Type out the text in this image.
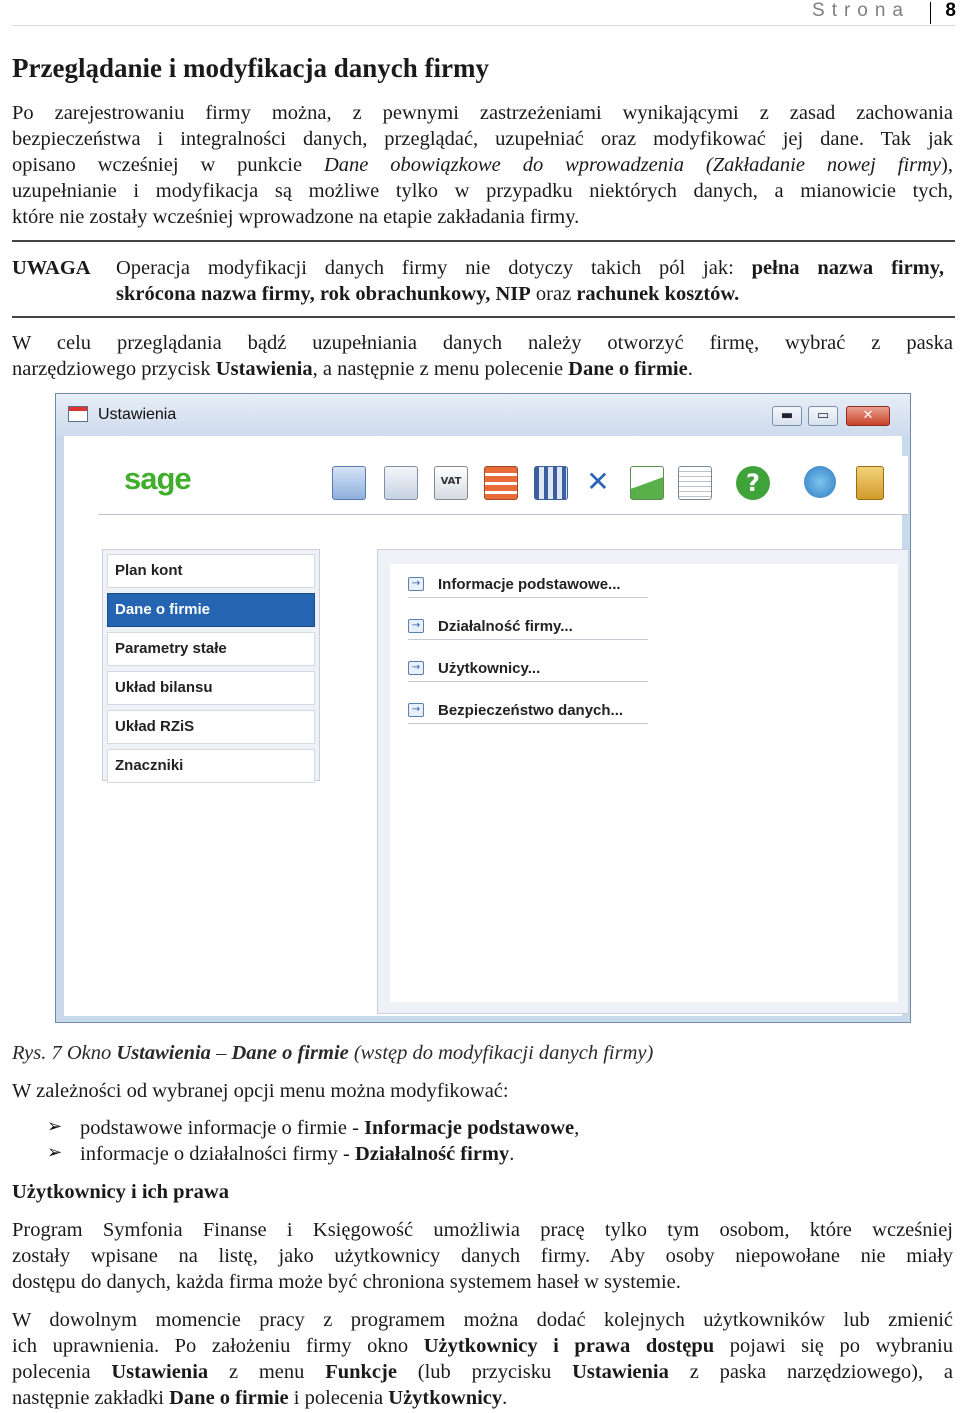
Strona 8
Przeglądanie i modyfikacja danych firmy
Po zarejestrowaniu firmy można, z pewnymi zastrzeżeniami wynikającymi z zasad zachowania
bezpieczeństwa i integralności danych, przeglądać, uzupełniać oraz modyfikować jej dane. Tak jak
opisano wcześniej w punkcie Dane obowiązkowe do wprowadzenia (Zakładanie nowej firmy),
uzupełnianie i modyfikacja są możliwe tylko w przypadku niektórych danych, a mianowicie tych,
które nie zostały wcześniej wprowadzone na etapie zakładania firmy.
UWAGA Operacja modyfikacji danych firmy nie dotyczy takich pól jak: pełna nazwa firmy,
skrócona nazwa firmy, rok obrachunkowy, NIP oraz rachunek kosztów.
W celu przeglądania bądź uzupełniania danych należy otworzyć firmę, wybrać z paska
narzędziowego przycisk Ustawienia, a następnie z menu polecenie Dane o firmie.
Ustawienia	▬	▭	✕
sage	VAT	✕	?
Plan kont
Dane o firmie
Parametry stałe
Układ bilansu
Układ RZiS
Znaczniki
→ Informacje podstawowe...
→ Działalność firmy...
→ Użytkownicy...
→ Bezpieczeństwo danych...
Rys. 7 Okno Ustawienia – Dane o firmie (wstęp do modyfikacji danych firmy)
W zależności od wybranej opcji menu można modyfikować:
➢ podstawowe informacje o firmie - Informacje podstawowe,
➢ informacje o działalności firmy - Działalność firmy.
Użytkownicy i ich prawa
Program Symfonia Finanse i Księgowość umożliwia pracę tylko tym osobom, które wcześniej
zostały wpisane na listę, jako użytkownicy danych firmy. Aby osoby niepowołane nie miały
dostępu do danych, każda firma może być chroniona systemem haseł w systemie.
W dowolnym momencie pracy z programem można dodać kolejnych użytkowników lub zmienić
ich uprawnienia. Po założeniu firmy okno Użytkownicy i prawa dostępu pojawi się po wybraniu
polecenia Ustawienia z menu Funkcje (lub przycisku Ustawienia z paska narzędziowego), a
następnie zakładki Dane o firmie i polecenia Użytkownicy.
